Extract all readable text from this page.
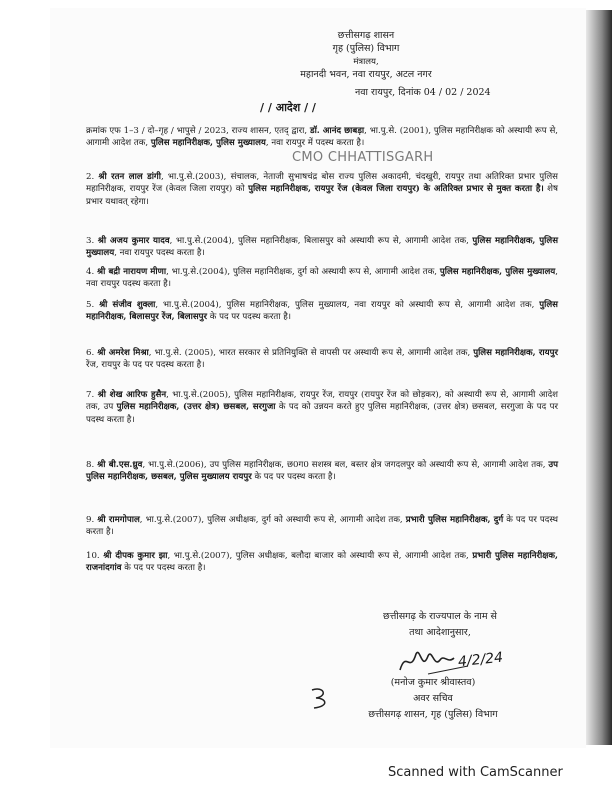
छत्तीसगढ़ शासन
गृह (पुलिस) विभाग
मंत्रालय,
महानदी भवन, नवा रायपुर, अटल नगर
नवा रायपुर, दिनांक 04 / 02 / 2024
/ / आदेश / /

क्रमांक एफ 1–3 / दो–गृह / भापुसे / 2023, राज्य शासन, एतद् द्वारा, डॉ. आनंद छाबड़ा, भा.पु.से. (2001), पुलिस महानिरीक्षक को अस्थायी रूप से, आगामी आदेश तक, पुलिस महानिरीक्षक, पुलिस मुख्यालय, नवा रायपुर में पदस्थ करता है।

2. श्री रतन लाल डांगी, भा.पु.से.(2003), संचालक, नेताजी सुभाषचंद्र बोस राज्य पुलिस अकादमी, चंदखुरी, रायपुर तथा अतिरिक्त प्रभार पुलिस महानिरीक्षक, रायपुर रेंज (केवल जिला रायपुर) को पुलिस महानिरीक्षक, रायपुर रेंज (केवल जिला रायपुर) के अतिरिक्त प्रभार से मुक्त करता है। शेष प्रभार यथावत् रहेगा।

3. श्री अजय कुमार यादव, भा.पु.से.(2004), पुलिस महानिरीक्षक, बिलासपुर को अस्थायी रूप से, आगामी आदेश तक, पुलिस महानिरीक्षक, पुलिस मुख्यालय, नवा रायपुर पदस्थ करता है।

4. श्री बद्री नारायण मीणा, भा.पु.से.(2004), पुलिस महानिरीक्षक, दुर्ग को अस्थायी रूप से, आगामी आदेश तक, पुलिस महानिरीक्षक, पुलिस मुख्यालय, नवा रायपुर पदस्थ करता है।

5. श्री संजीव शुक्ला, भा.पु.से.(2004), पुलिस महानिरीक्षक, पुलिस मुख्यालय, नवा रायपुर को अस्थायी रूप से, आगामी आदेश तक, पुलिस महानिरीक्षक, बिलासपुर रेंज, बिलासपुर के पद पर पदस्थ करता है।

6. श्री अमरेश मिश्रा, भा.पु.से. (2005), भारत सरकार से प्रतिनियुक्ति से वापसी पर अस्थायी रूप से, आगामी आदेश तक, पुलिस महानिरीक्षक, रायपुर रेंज, रायपुर के पद पर पदस्थ करता है।

7. श्री शेख आरिफ हुसैन, भा.पु.से.(2005), पुलिस महानिरीक्षक, रायपुर रेंज, रायपुर (रायपुर रेंज को छोड़कर), को अस्थायी रूप से, आगामी आदेश तक, उप पुलिस महानिरीक्षक, (उत्तर क्षेत्र) छसबल, सरगुजा के पद को उन्नयन करते हुए पुलिस महानिरीक्षक, (उत्तर क्षेत्र) छसबल, सरगुजा के पद पर पदस्थ करता है।

8. श्री बी.एस.ध्रुव, भा.पु.से.(2006), उप पुलिस महानिरीक्षक, छ0ग0 सशस्त्र बल, बस्तर क्षेत्र जगदलपुर को अस्थायी रूप से, आगामी आदेश तक, उप पुलिस महानिरीक्षक, छसबल, पुलिस मुख्यालय रायपुर के पद पर पदस्थ करता है।

9. श्री रामगोपाल, भा.पु.से.(2007), पुलिस अधीक्षक, दुर्ग को अस्थायी रूप से, आगामी आदेश तक, प्रभारी पुलिस महानिरीक्षक, दुर्ग के पद पर पदस्थ करता है।

10. श्री दीपक कुमार झा, भा.पु.से.(2007), पुलिस अधीक्षक, बलौदा बाजार को अस्थायी रूप से, आगामी आदेश तक, प्रभारी पुलिस महानिरीक्षक, राजनांदगांव के पद पर पदस्थ करता है।

CMO CHHATTISGARH
छत्तीसगढ़ के राज्यपाल के नाम से
तथा आदेशानुसार,
4/2/24
(मनोज कुमार श्रीवास्तव)
अवर सचिव
छत्तीसगढ़ शासन, गृह (पुलिस) विभाग
Scanned with CamScanner
